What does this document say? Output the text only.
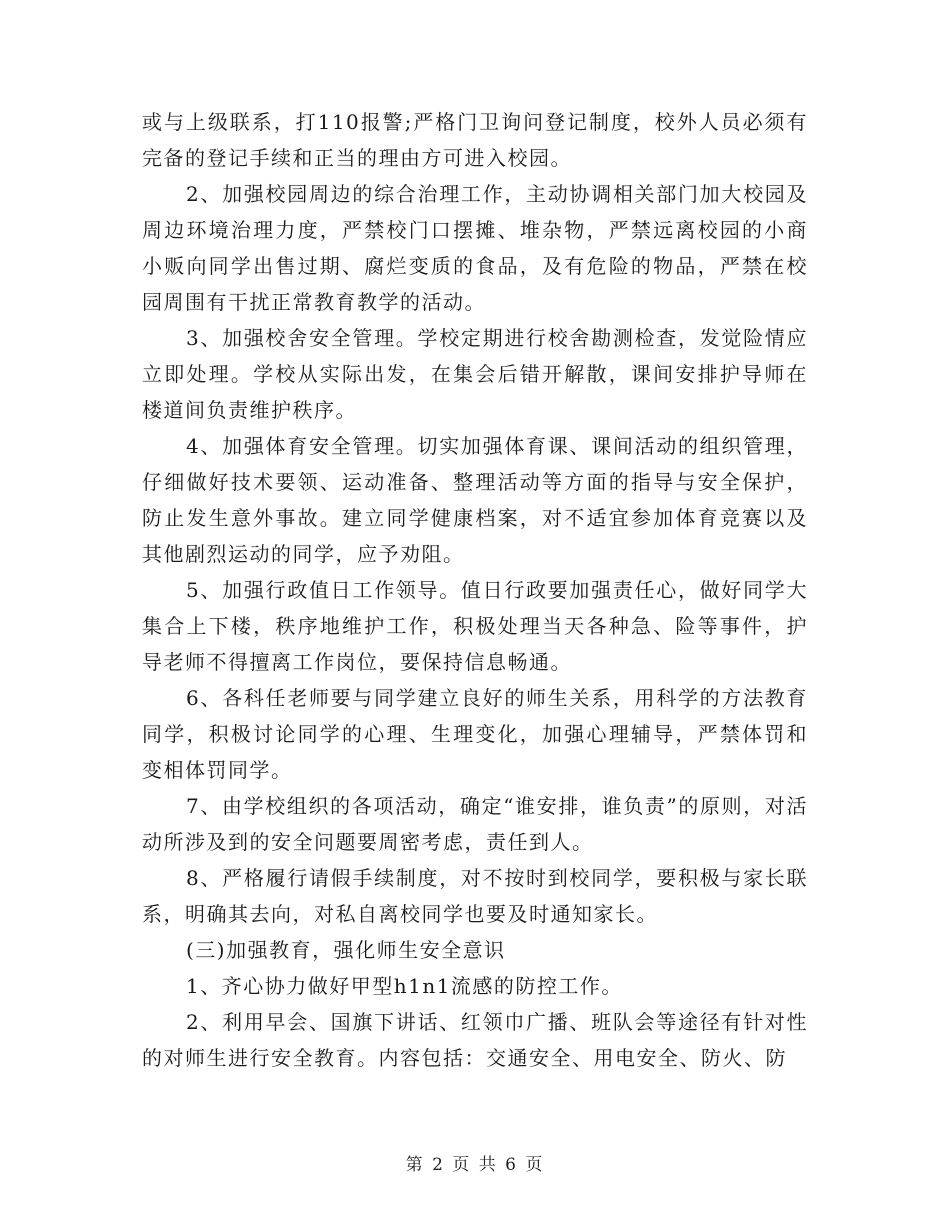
或与上级联系，打110报警;严格门卫询问登记制度，校外人员必须有完备的登记手续和正当的理由方可进入校园。

2、加强校园周边的综合治理工作，主动协调相关部门加大校园及周边环境治理力度，严禁校门口摆摊、堆杂物，严禁远离校园的小商小贩向同学出售过期、腐烂变质的食品，及有危险的物品，严禁在校园周围有干扰正常教育教学的活动。

3、加强校舍安全管理。学校定期进行校舍勘测检查，发觉险情应立即处理。学校从实际出发，在集会后错开解散，课间安排护导师在楼道间负责维护秩序。

4、加强体育安全管理。切实加强体育课、课间活动的组织管理，仔细做好技术要领、运动准备、整理活动等方面的指导与安全保护，防止发生意外事故。建立同学健康档案，对不适宜参加体育竞赛以及其他剧烈运动的同学，应予劝阻。

5、加强行政值日工作领导。值日行政要加强责任心，做好同学大集合上下楼，秩序地维护工作，积极处理当天各种急、险等事件，护导老师不得擅离工作岗位，要保持信息畅通。

6、各科任老师要与同学建立良好的师生关系，用科学的方法教育同学，积极讨论同学的心理、生理变化，加强心理辅导，严禁体罚和变相体罚同学。

7、由学校组织的各项活动，确定“谁安排，谁负责”的原则，对活动所涉及到的安全问题要周密考虑，责任到人。

8、严格履行请假手续制度，对不按时到校同学，要积极与家长联系，明确其去向，对私自离校同学也要及时通知家长。

(三)加强教育，强化师生安全意识

1、齐心协力做好甲型h1n1流感的防控工作。

2、利用早会、国旗下讲话、红领巾广播、班队会等途径有针对性的对师生进行安全教育。内容包括：交通安全、用电安全、防火、防

第 2 页 共 6 页
